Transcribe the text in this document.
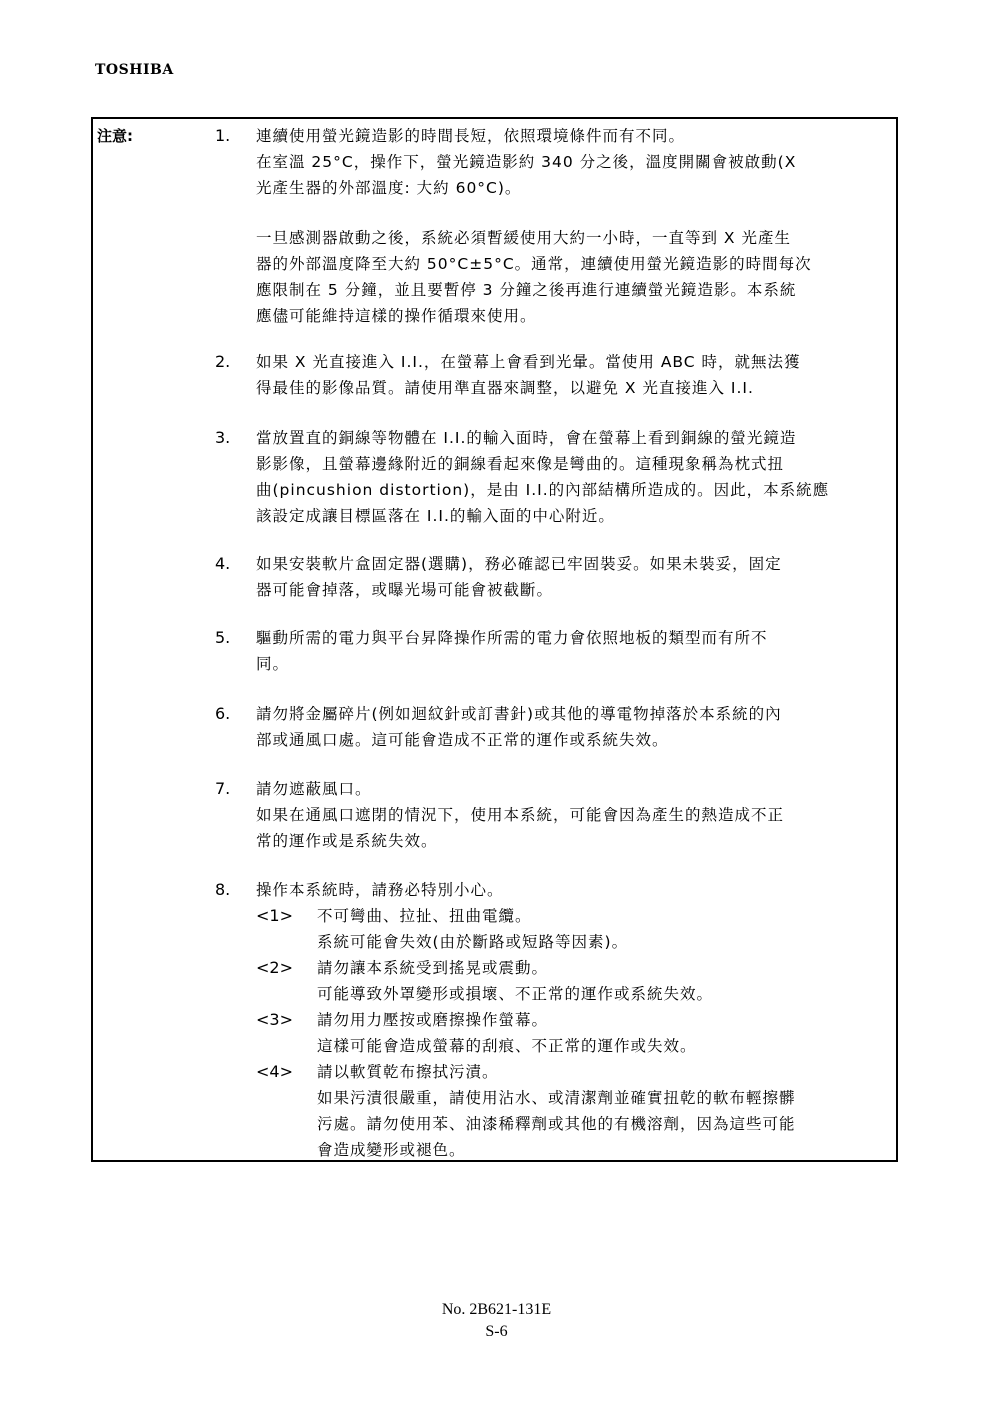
TOSHIBA
注意:	1. 連續使用螢光鏡造影的時間長短，依照環境條件而有不同。
在室溫 25°C，操作下，螢光鏡造影約 340 分之後，溫度開關會被啟動(X
光產生器的外部溫度: 大約 60°C)。
一旦感測器啟動之後，系統必須暫緩使用大約一小時，一直等到 X 光產生
器的外部溫度降至大約 50°C±5°C。通常，連續使用螢光鏡造影的時間每次
應限制在 5 分鐘，並且要暫停 3 分鐘之後再進行連續螢光鏡造影。本系統
應儘可能維持這樣的操作循環來使用。
2. 如果 X 光直接進入 I.I.，在螢幕上會看到光暈。當使用 ABC 時，就無法獲
得最佳的影像品質。請使用準直器來調整，以避免 X 光直接進入 I.I.
3. 當放置直的銅線等物體在 I.I.的輸入面時，會在螢幕上看到銅線的螢光鏡造
影影像，且螢幕邊緣附近的銅線看起來像是彎曲的。這種現象稱為枕式扭
曲(pincushion distortion)，是由 I.I.的內部結構所造成的。因此，本系統應
該設定成讓目標區落在 I.I.的輸入面的中心附近。
4. 如果安裝軟片盒固定器(選購)，務必確認已牢固裝妥。如果未裝妥，固定
器可能會掉落，或曝光場可能會被截斷。
5. 驅動所需的電力與平台昇降操作所需的電力會依照地板的類型而有所不
同。
6. 請勿將金屬碎片(例如迴紋針或訂書針)或其他的導電物掉落於本系統的內
部或通風口處。這可能會造成不正常的運作或系統失效。
7. 請勿遮蔽風口。
如果在通風口遮閉的情況下，使用本系統，可能會因為產生的熱造成不正
常的運作或是系統失效。
8. 操作本系統時，請務必特別小心。
<1> 不可彎曲、拉扯、扭曲電纜。
系統可能會失效(由於斷路或短路等因素)。
<2> 請勿讓本系統受到搖晃或震動。
可能導致外罩變形或損壞、不正常的運作或系統失效。
<3> 請勿用力壓按或磨擦操作螢幕。
這樣可能會造成螢幕的刮痕、不正常的運作或失效。
<4> 請以軟質乾布擦拭污漬。
如果污漬很嚴重，請使用沾水、或清潔劑並確實扭乾的軟布輕擦髒
污處。請勿使用苯、油漆稀釋劑或其他的有機溶劑，因為這些可能
會造成變形或褪色。
No. 2B621-131E
S-6
